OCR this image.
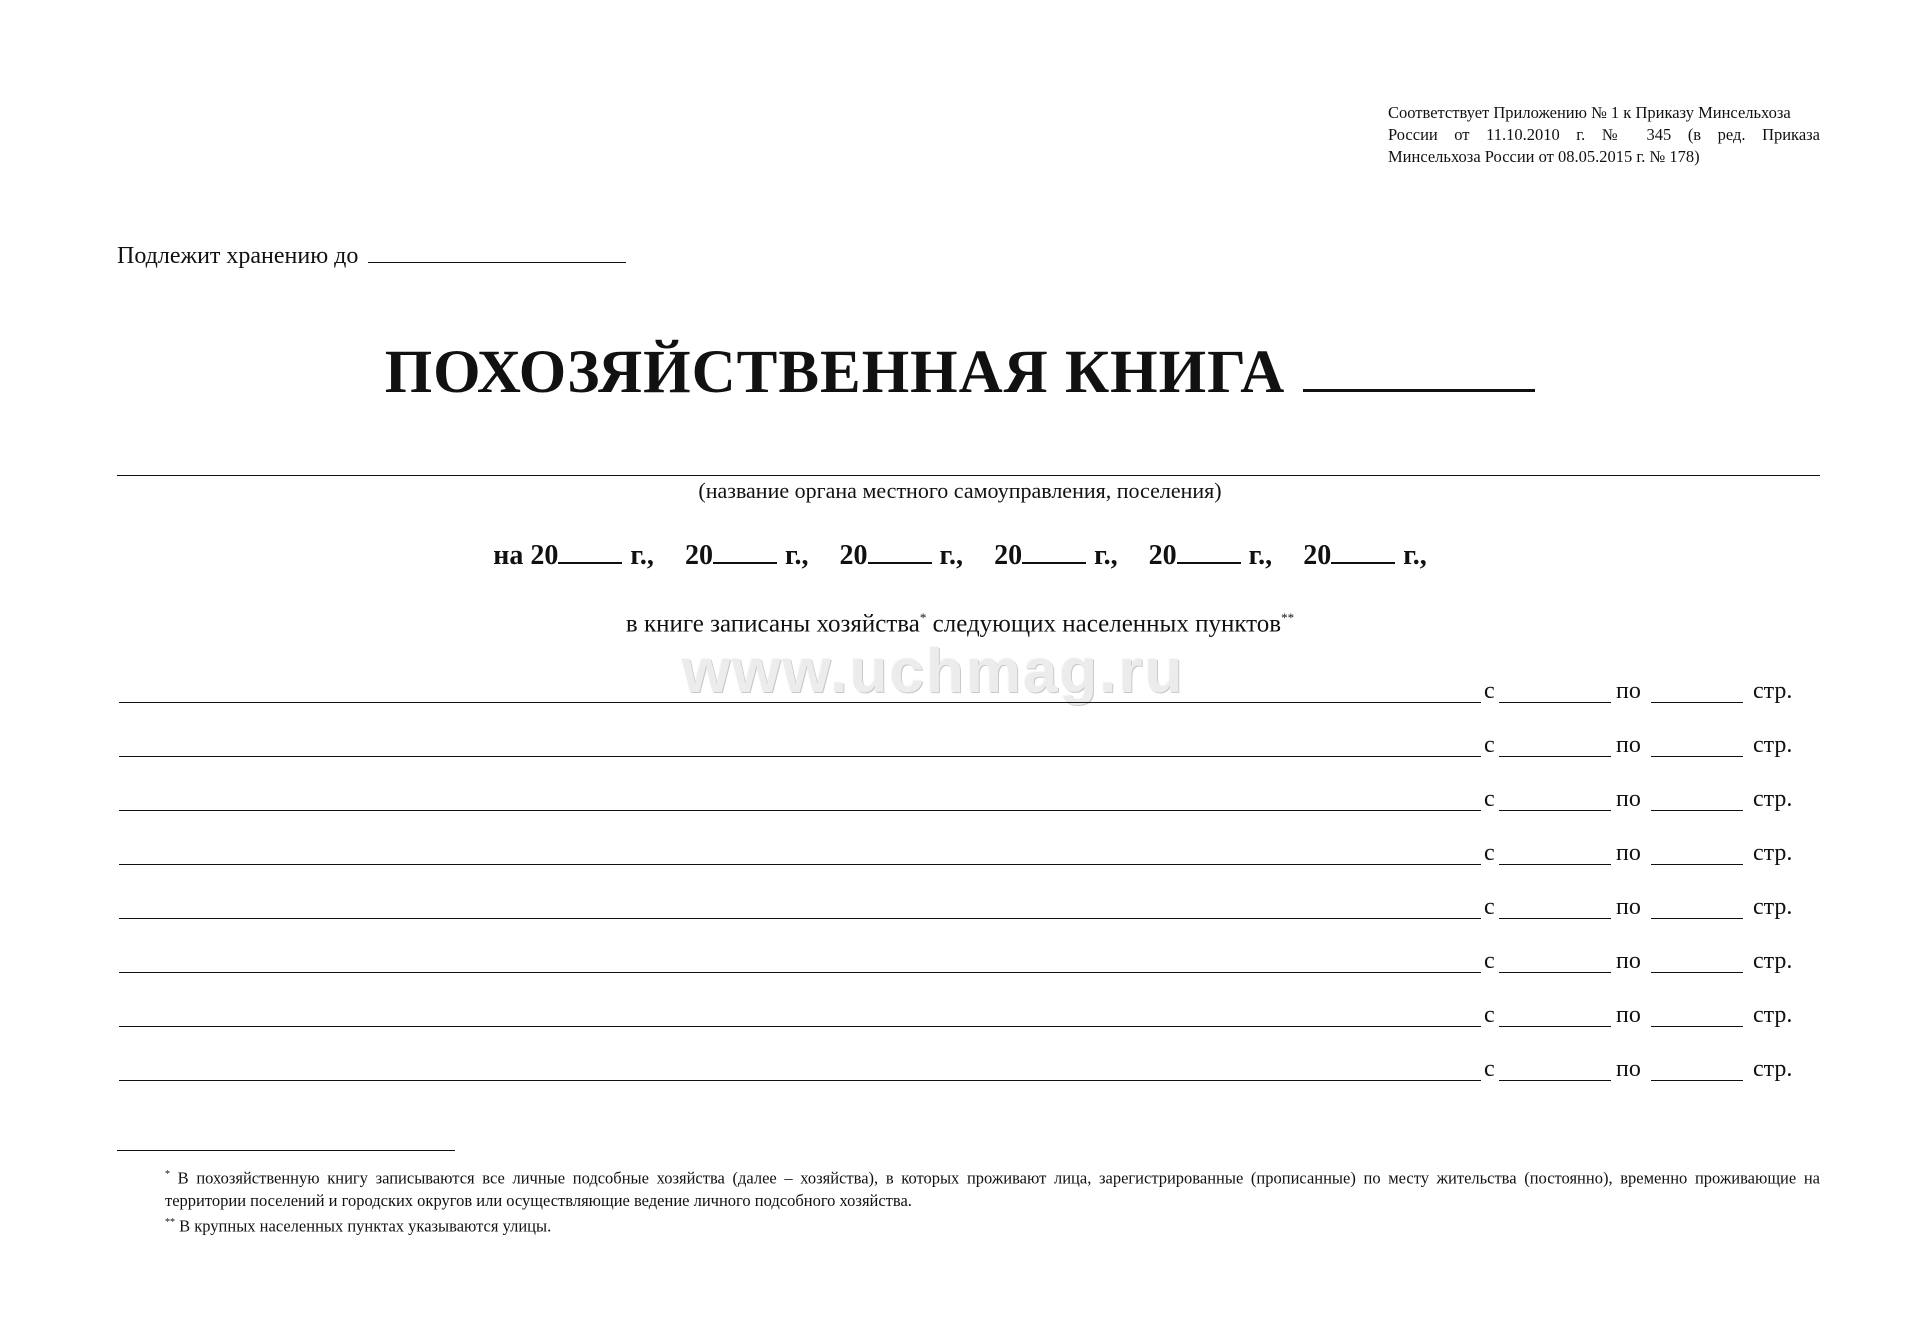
Соответствует Приложению № 1 к Приказу Минсельхоза
России от 11.10.2010 г. № 345 (в ред. Приказа
Минсельхоза России от 08.05.2015 г. № 178)
Подлежит хранению до
ПОХОЗЯЙСТВЕННАЯ КНИГА
(название органа местного самоуправления, поселения)
на 20	г., 20	г., 20	г., 20	г., 20	г., 20	г.,
в книге записаны хозяйства* следующих населенных пунктов**
www.uchmag.ru	с	по	стр.
с	по	стр.
с	по	стр.
с	по	стр.
с	по	стр.
с	по	стр.
с	по	стр.
с	по	стр.

* В похозяйственную книгу записываются все личные подсобные хозяйства (далее – хозяйства), в которых проживают лица, зарегистрированные (прописанные) по месту жительства (постоянно), временно проживающие на территории поселений и городских округов или осуществляющие ведение личного подсобного хозяйства.

** В крупных населенных пунктах указываются улицы.
